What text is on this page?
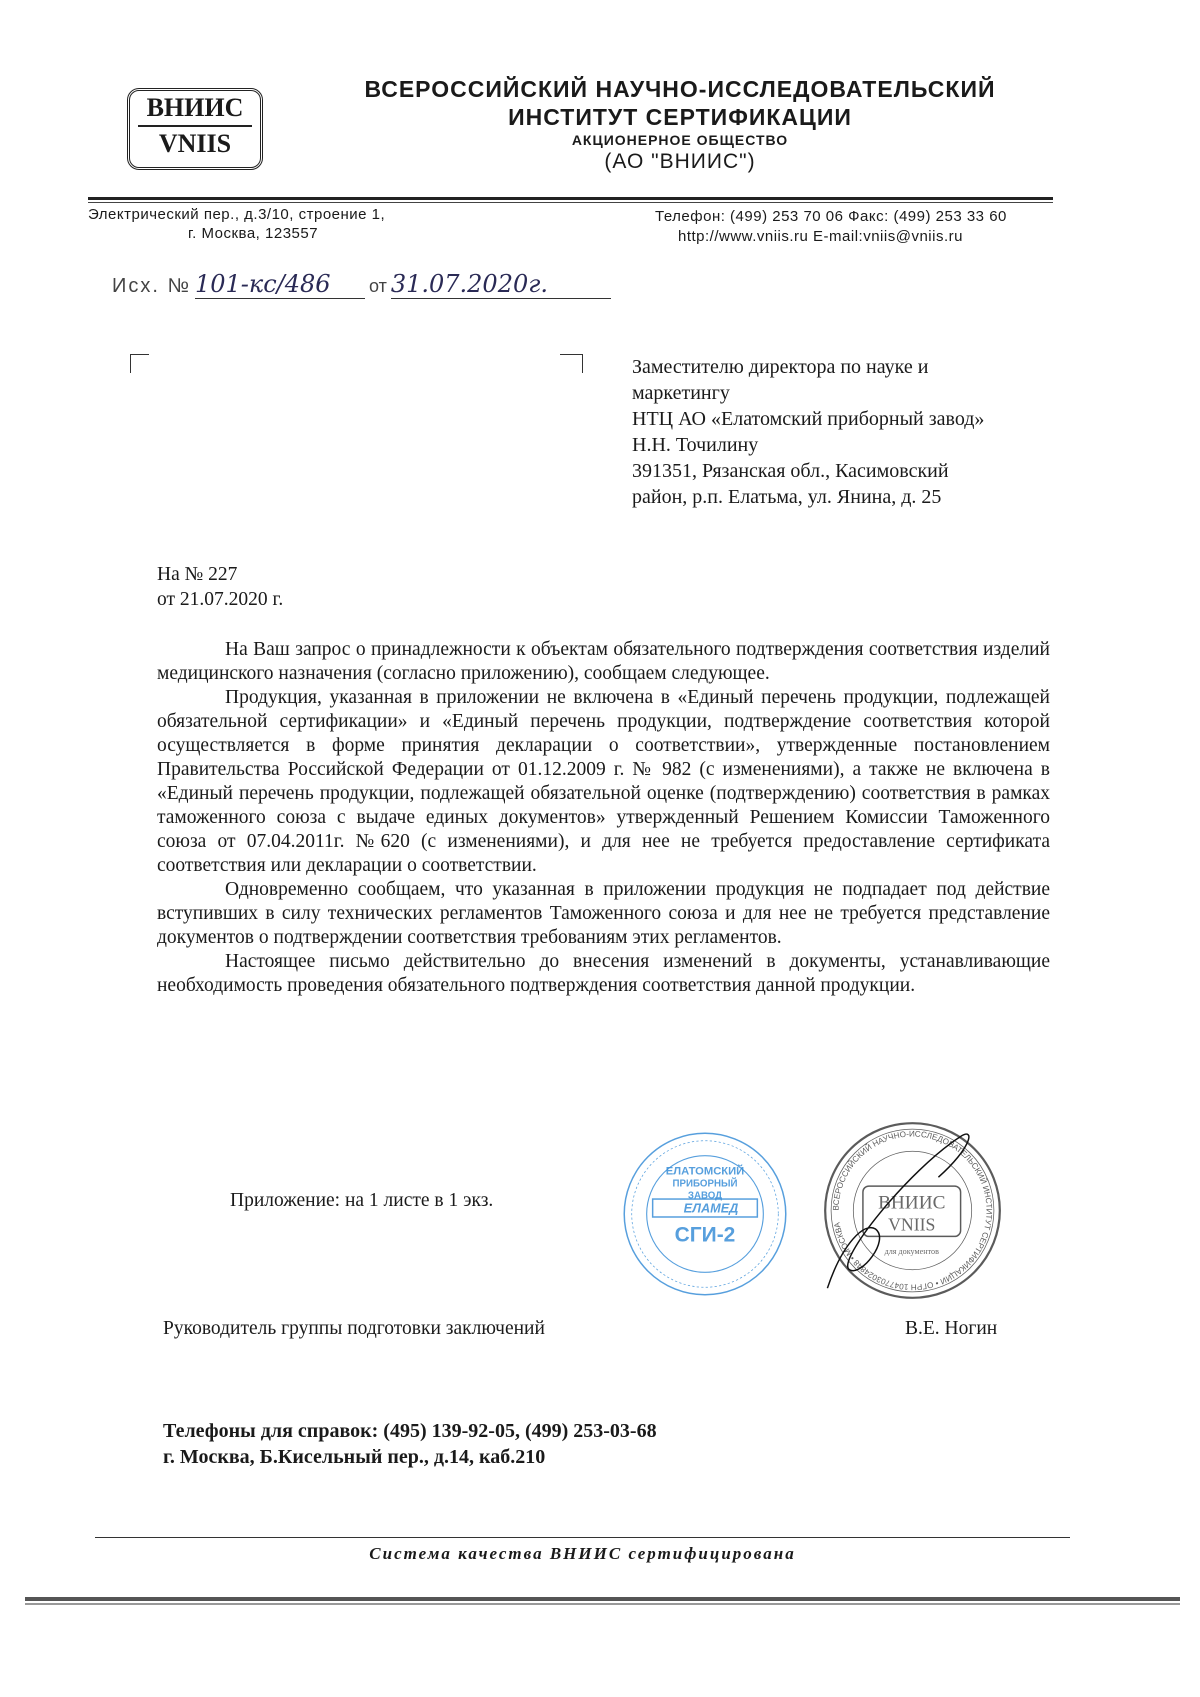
ВНИИС
VNIIS
ВСЕРОССИЙСКИЙ НАУЧНО-ИССЛЕДОВАТЕЛЬСКИЙ
ИНСТИТУТ СЕРТИФИКАЦИИ
АКЦИОНЕРНОЕ ОБЩЕСТВО
(АО "ВНИИС")
Электрический пер., д.3/10, строение 1,
г. Москва, 123557
Телефон: (499) 253 70 06 Факс: (499) 253 33 60
http://www.vniis.ru E-mail:vniis@vniis.ru
Исх. № 101-кс/486 от 31.07.2020г.
Заместителю директора по науке и
маркетингу
НТЦ АО «Елатомский приборный завод»
Н.Н. Точилину
391351, Рязанская обл., Касимовский
район, р.п. Елатьма, ул. Янина, д. 25
На № 227
от 21.07.2020 г.

На Ваш запрос о принадлежности к объектам обязательного подтверждения соответствия изделий медицинского назначения (согласно приложению), сообщаем следующее.

Продукция, указанная в приложении не включена в «Единый перечень продукции, подлежащей обязательной сертификации» и «Единый перечень продукции, подтверждение соответствия которой осуществляется в форме принятия декларации о соответствии», утвержденные постановлением Правительства Российской Федерации от 01.12.2009 г. № 982 (с изменениями), а также не включена в «Единый перечень продукции, подлежащей обязательной оценке (подтверждению) соответствия в рамках таможенного союза с выдаче единых документов» утвержденный Решением Комиссии Таможенного союза от 07.04.2011г. №620 (с изменениями), и для нее не требуется предоставление сертификата соответствия или декларации о соответствии.

Одновременно сообщаем, что указанная в приложении продукция не подпадает под действие вступивших в силу технических регламентов Таможенного союза и для нее не требуется представление документов о подтверждении соответствия требованиям этих регламентов.

Настоящее письмо действительно до внесения изменений в документы, устанавливающие необходимость проведения обязательного подтверждения соответствия данной продукции.

Приложение: на 1 листе в 1 экз.
Руководитель группы подготовки заключений	В.Е. Ногин
ЕЛАТОМСКИЙ
ПРИБОРНЫЙ
ЗАВОД
ЕЛАМЕД
СГИ-2
ВСЕРОССИЙСКИЙ НАУЧНО-ИССЛЕДОВАТЕЛЬСКИЙ ИНСТИТУТ СЕРТИФИКАЦИИ • ОГРН 1047703024848 • МОСКВА
ВНИИС
VNIIS
для документов
Телефоны для справок: (495) 139-92-05, (499) 253-03-68
г. Москва, Б.Кисельный пер., д.14, каб.210
Система качества ВНИИС сертифицирована
